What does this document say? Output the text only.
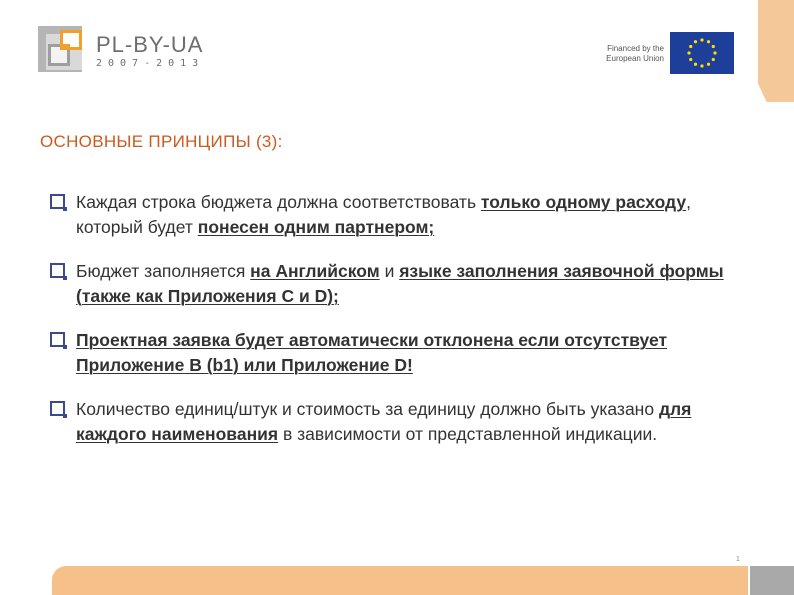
PL-BY-UA
2007-2013
Financed by the European Union
ОСНОВНЫЕ ПРИНЦИПЫ (3):
Каждая строка бюджета должна соответствовать только одному расходу, который будет понесен одним партнером;
Бюджет заполняется на Английском и языке заполнения заявочной формы (также как Приложения C и D);
Проектная заявка будет автоматически отклонена если отсутствует Приложение B (b1) или Приложение D!
Количество единиц/штук и стоимость за единицу должно быть указано для каждого наименования в зависимости от представленной индикации.
1
